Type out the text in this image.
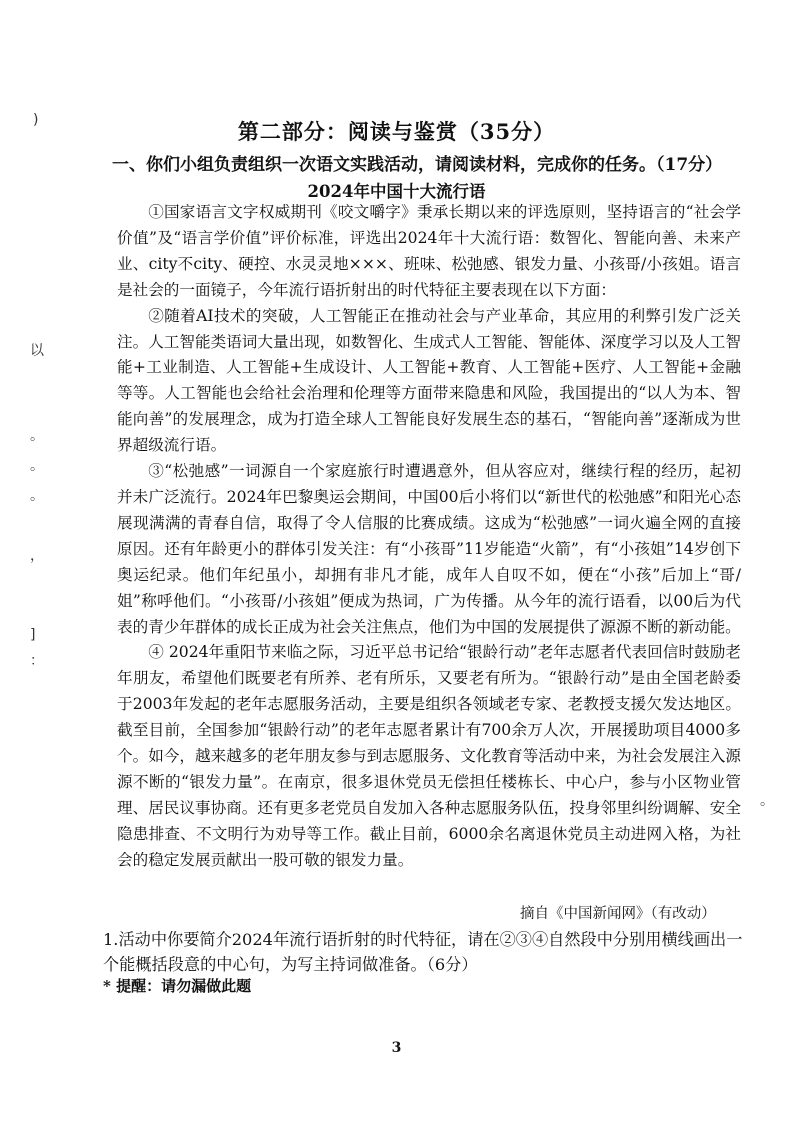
)
以
。
。
。
，
]
：
。
第二部分：阅读与鉴赏（35分）
一、你们小组负责组织一次语文实践活动，请阅读材料，完成你的任务。（17分）
2024年中国十大流行语

①国家语言文字权威期刊《咬文嚼字》秉承长期以来的评选原则，坚持语言的“社会学价值”及“语言学价值”评价标准，评选出2024年十大流行语：数智化、智能向善、未来产业、city不city、硬控、水灵灵地×××、班味、松弛感、银发力量、小孩哥/小孩姐。语言是社会的一面镜子，今年流行语折射出的时代特征主要表现在以下方面：

②随着AI技术的突破，人工智能正在推动社会与产业革命，其应用的利弊引发广泛关注。人工智能类语词大量出现，如数智化、生成式人工智能、智能体、深度学习以及人工智能+工业制造、人工智能+生成设计、人工智能+教育、人工智能+医疗、人工智能+金融等等。人工智能也会给社会治理和伦理等方面带来隐患和风险，我国提出的“以人为本、智能向善”的发展理念，成为打造全球人工智能良好发展生态的基石，“智能向善”逐渐成为世界超级流行语。

③“松弛感”一词源自一个家庭旅行时遭遇意外，但从容应对，继续行程的经历，起初并未广泛流行。2024年巴黎奥运会期间，中国00后小将们以“新世代的松弛感”和阳光心态展现满满的青春自信，取得了令人信服的比赛成绩。这成为“松弛感”一词火遍全网的直接原因。还有年龄更小的群体引发关注：有“小孩哥”11岁能造“火箭”，有“小孩姐”14岁创下奥运纪录。他们年纪虽小，却拥有非凡才能，成年人自叹不如，便在“小孩”后加上“哥/姐”称呼他们。“小孩哥/小孩姐”便成为热词，广为传播。从今年的流行语看，以00后为代表的青少年群体的成长正成为社会关注焦点，他们为中国的发展提供了源源不断的新动能。

④ 2024年重阳节来临之际，习近平总书记给“银龄行动”老年志愿者代表回信时鼓励老年朋友，希望他们既要老有所养、老有所乐，又要老有所为。“银龄行动”是由全国老龄委于2003年发起的老年志愿服务活动，主要是组织各领域老专家、老教授支援欠发达地区。截至目前，全国参加“银龄行动”的老年志愿者累计有700余万人次，开展援助项目4000多个。如今，越来越多的老年朋友参与到志愿服务、文化教育等活动中来，为社会发展注入源源不断的“银发力量”。在南京，很多退休党员无偿担任楼栋长、中心户，参与小区物业管理、居民议事协商。还有更多老党员自发加入各种志愿服务队伍，投身邻里纠纷调解、安全隐患排查、不文明行为劝导等工作。截止目前，6000余名离退休党员主动进网入格，为社会的稳定发展贡献出一股可敬的银发力量。

摘自《中国新闻网》（有改动）
1.活动中你要简介2024年流行语折射的时代特征，请在②③④自然段中分别用横线画出一个能概括段意的中心句，为写主持词做准备。（6分）
* 提醒：请勿漏做此题
3
